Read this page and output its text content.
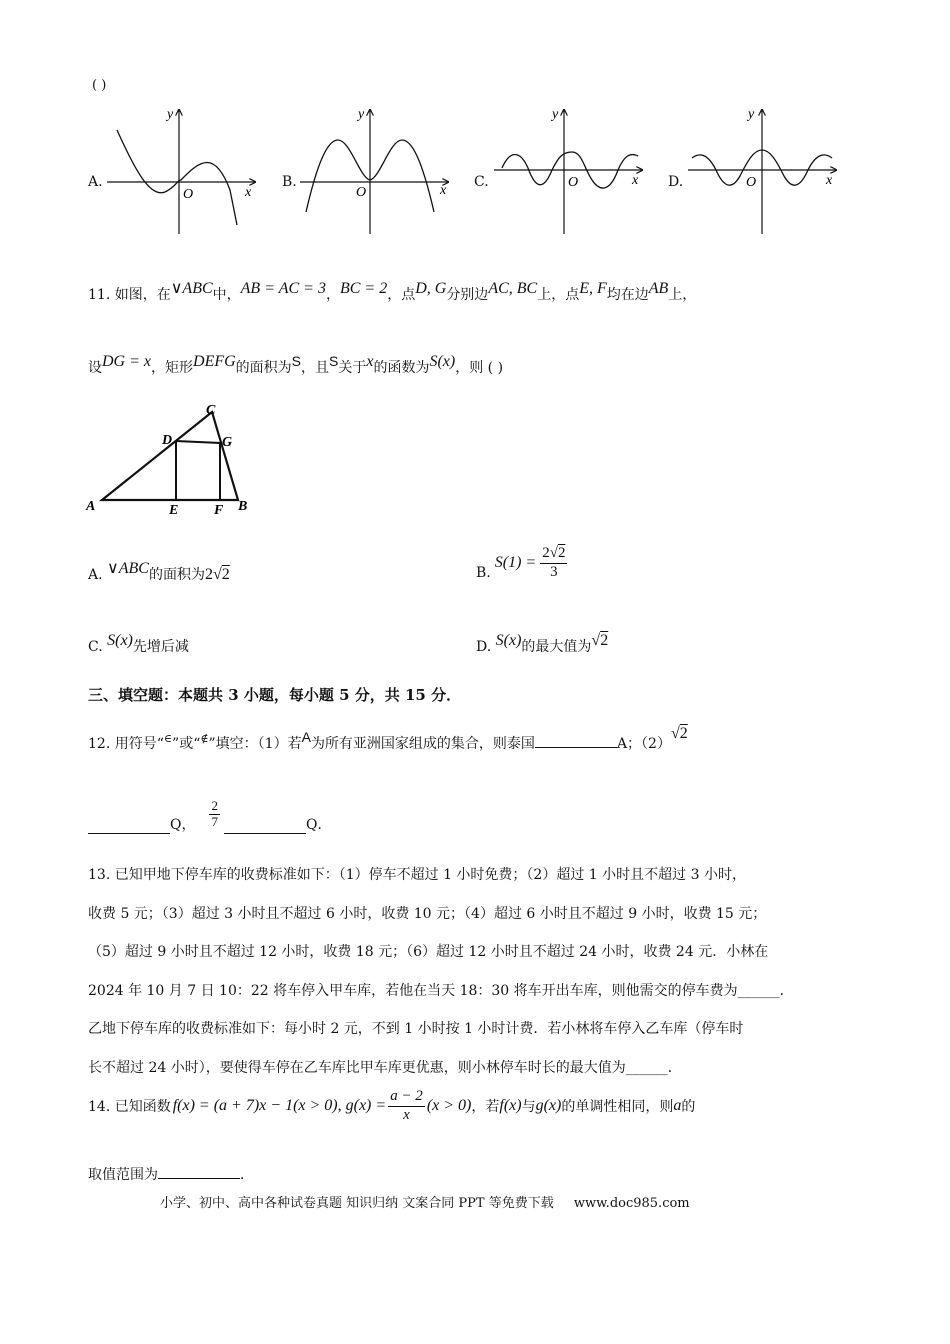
( )
A.
y
x
O
B.
y
x
O
C.
y
x
O	D.
y
x
O
11. 如图，在∨ABC中，AB = AC = 3，BC = 2，点D, G分别边AC, BC上，点E, F均在边AB上，
设DG = x，矩形DEFG的面积为S，且S关于x的函数为S(x)，则 ( )
A	B
C
D
E	F
G
A. ∨ABC的面积为2√2	B.
$S(1) = \frac{2√2}{3}$
C. S(x)先增后减	D. S(x)的最大值为√2
三、填空题：本题共 3 小题，每小题 5 分，共 15 分．
12. 用符号“∈”或“∉”填空：（1）若A为所有亚洲国家组成的集合，则泰国	A；（2）√2
Q， $\frac{2}{7}$	Q．
13. 已知甲地下停车库的收费标准如下：（1）停车不超过 1 小时免费；（2）超过 1 小时且不超过 3 小时，
收费 5 元；（3）超过 3 小时且不超过 6 小时，收费 10 元；（4）超过 6 小时且不超过 9 小时，收费 15 元；
（5）超过 9 小时且不超过 12 小时，收费 18 元；（6）超过 12 小时且不超过 24 小时，收费 24 元．小林在
2024 年 10 月 7 日 10：22 将车停入甲车库，若他在当天 18：30 将车开出车库，则他需交的停车费为______．
乙地下停车库的收费标准如下：每小时 2 元，不到 1 小时按 1 小时计费．若小林将车停入乙车库（停车时
长不超过 24 小时），要使得车停在乙车库比甲车库更优惠，则小林停车时长的最大值为______．
14. 已知函数 f(x) = (a + 7)x − 1(x > 0), $g(x) = \frac{a - 2}{x} (x > 0)$ ，若 f(x) 与 g(x) 的单调性相同，则 a 的
取值范围为	．
小学、初中、高中各种试卷真题 知识归纳 文案合同 PPT 等免费下载 www.doc985.com
